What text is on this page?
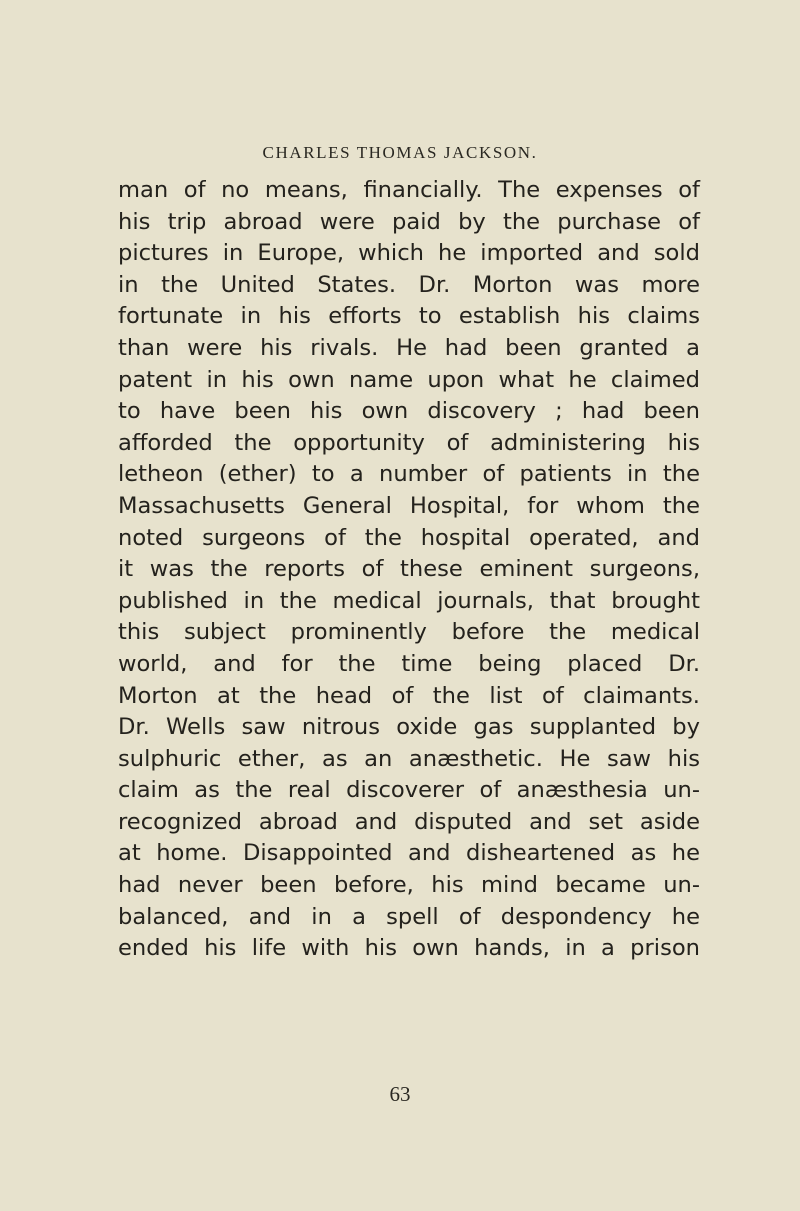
CHARLES THOMAS JACKSON.
man of no means, financially. The expenses of
his trip abroad were paid by the purchase of
pictures in Europe, which he imported and sold
in the United States. Dr. Morton was more
fortunate in his efforts to establish his claims
than were his rivals. He had been granted a
patent in his own name upon what he claimed
to have been his own discovery ; had been
afforded the opportunity of administering his
letheon (ether) to a number of patients in the
Massachusetts General Hospital, for whom the
noted surgeons of the hospital operated, and
it was the reports of these eminent surgeons,
published in the medical journals, that brought
this subject prominently before the medical
world, and for the time being placed Dr.
Morton at the head of the list of claimants.
Dr. Wells saw nitrous oxide gas supplanted by
sulphuric ether, as an anæsthetic. He saw his
claim as the real discoverer of anæsthesia un-
recognized abroad and disputed and set aside
at home. Disappointed and disheartened as he
had never been before, his mind became un-
balanced, and in a spell of despondency he
ended his life with his own hands, in a prison
63
